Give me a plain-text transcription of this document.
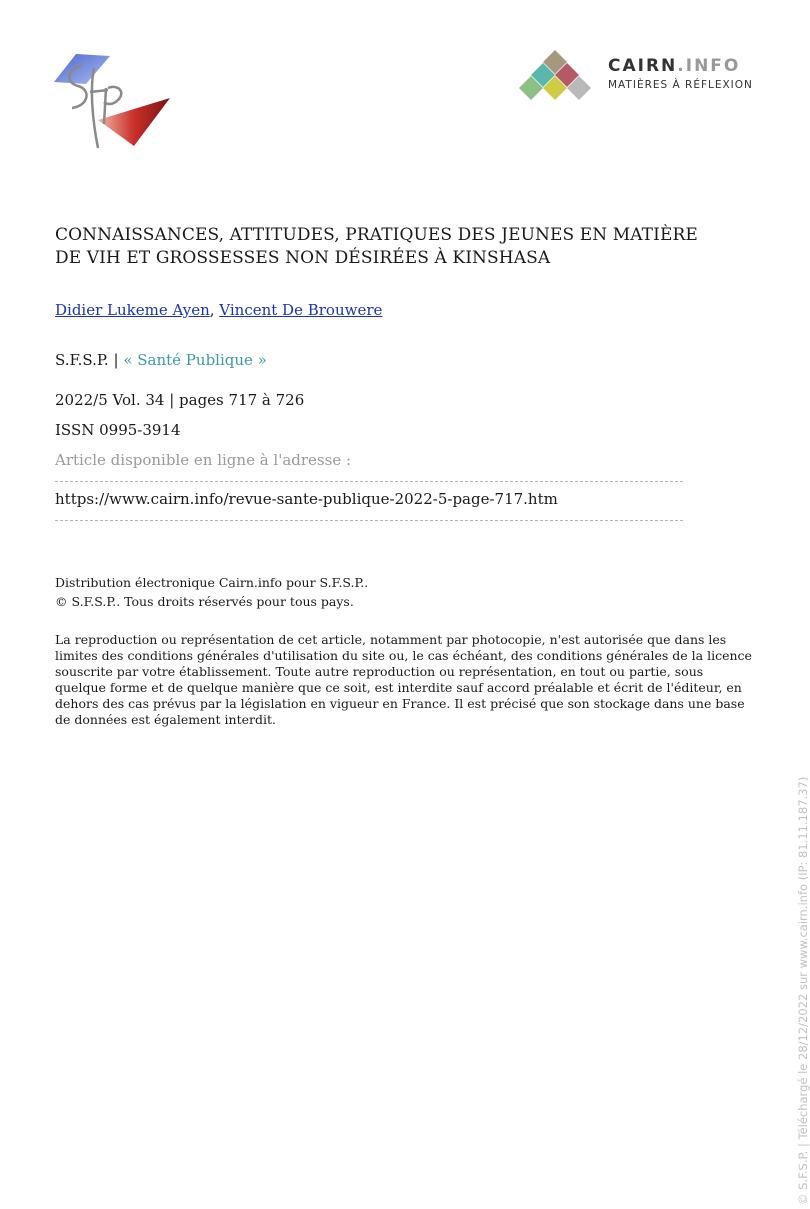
CAIRN.INFO
MATIÈRES À RÉFLEXION
CONNAISSANCES, ATTITUDES, PRATIQUES DES JEUNES EN MATIÈRE
DE VIH ET GROSSESSES NON DÉSIRÉES À KINSHASA
Didier Lukeme Ayen, Vincent De Brouwere
S.F.S.P. | « Santé Publique »
2022/5 Vol. 34 | pages 717 à 726
ISSN 0995-3914
Article disponible en ligne à l'adresse :
https://www.cairn.info/revue-sante-publique-2022-5-page-717.htm
Distribution électronique Cairn.info pour S.F.S.P..
© S.F.S.P.. Tous droits réservés pour tous pays.
La reproduction ou représentation de cet article, notamment par photocopie, n'est autorisée que dans les limites des conditions générales d'utilisation du site ou, le cas échéant, des conditions générales de la licence souscrite par votre établissement. Toute autre reproduction ou représentation, en tout ou partie, sous quelque forme et de quelque manière que ce soit, est interdite sauf accord préalable et écrit de l'éditeur, en dehors des cas prévus par la législation en vigueur en France. Il est précisé que son stockage dans une base de données est également interdit.
© S.F.S.P. | Téléchargé le 28/12/2022 sur www.cairn.info (IP: 81.11.187.37)
